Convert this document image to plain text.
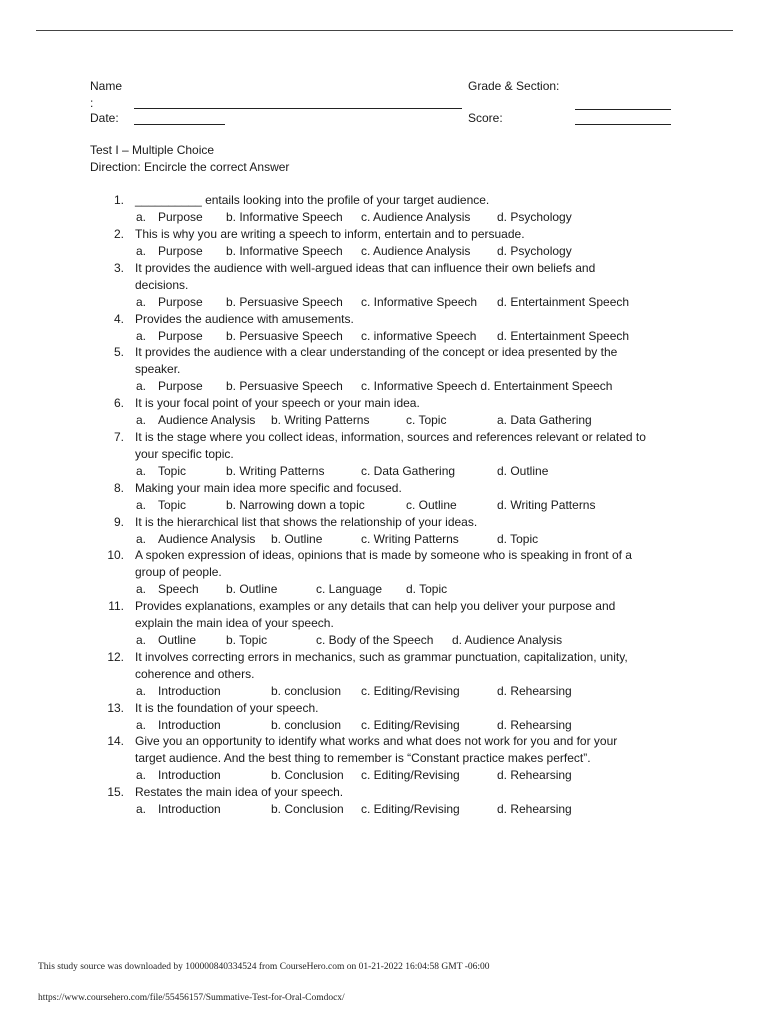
Name
:
Grade & Section:
Date:	Score:
Test I – Multiple Choice
Direction: Encircle the correct Answer
1. __________ entails looking into the profile of your target audience.
a. Purpose b. Informative Speech c. Audience Analysis d. Psychology
2. This is why you are writing a speech to inform, entertain and to persuade.
a. Purpose b. Informative Speech c. Audience Analysis d. Psychology
3. It provides the audience with well-argued ideas that can influence their own beliefs and
decisions.
a. Purpose b. Persuasive Speech c. Informative Speech d. Entertainment Speech
4. Provides the audience with amusements.
a. Purpose b. Persuasive Speech c. informative Speech d. Entertainment Speech
5. It provides the audience with a clear understanding of the concept or idea presented by the
speaker.
a. Purpose b. Persuasive Speech c. Informative Speech d. Entertainment Speech
6. It is your focal point of your speech or your main idea.
a. Audience Analysis b. Writing Patterns	c. Topic	a. Data Gathering
7. It is the stage where you collect ideas, information, sources and references relevant or related to
your specific topic.
a. Topic	b. Writing Patterns	c. Data Gathering	d. Outline
8. Making your main idea more specific and focused.
a. Topic	b. Narrowing down a topic	c. Outline	d. Writing Patterns
9. It is the hierarchical list that shows the relationship of your ideas.
a. Audience Analysis b. Outline	c. Writing Patterns	d. Topic
10. A spoken expression of ideas, opinions that is made by someone who is speaking in front of a
group of people.
a. Speech b. Outline	c. Language d. Topic
11. Provides explanations, examples or any details that can help you deliver your purpose and
explain the main idea of your speech.
a. Outline b. Topic	c. Body of the Speech d. Audience Analysis
12. It involves correcting errors in mechanics, such as grammar punctuation, capitalization, unity,
coherence and others.
a. Introduction	b. conclusion c. Editing/Revising	d. Rehearsing
13. It is the foundation of your speech.
a. Introduction	b. conclusion c. Editing/Revising	d. Rehearsing
14. Give you an opportunity to identify what works and what does not work for you and for your
target audience. And the best thing to remember is “Constant practice makes perfect”.
a. Introduction	b. Conclusion c. Editing/Revising	d. Rehearsing
15. Restates the main idea of your speech.
a. Introduction	b. Conclusion c. Editing/Revising	d. Rehearsing
This study source was downloaded by 100000840334524 from CourseHero.com on 01-21-2022 16:04:58 GMT -06:00
https://www.coursehero.com/file/55456157/Summative-Test-for-Oral-Comdocx/
